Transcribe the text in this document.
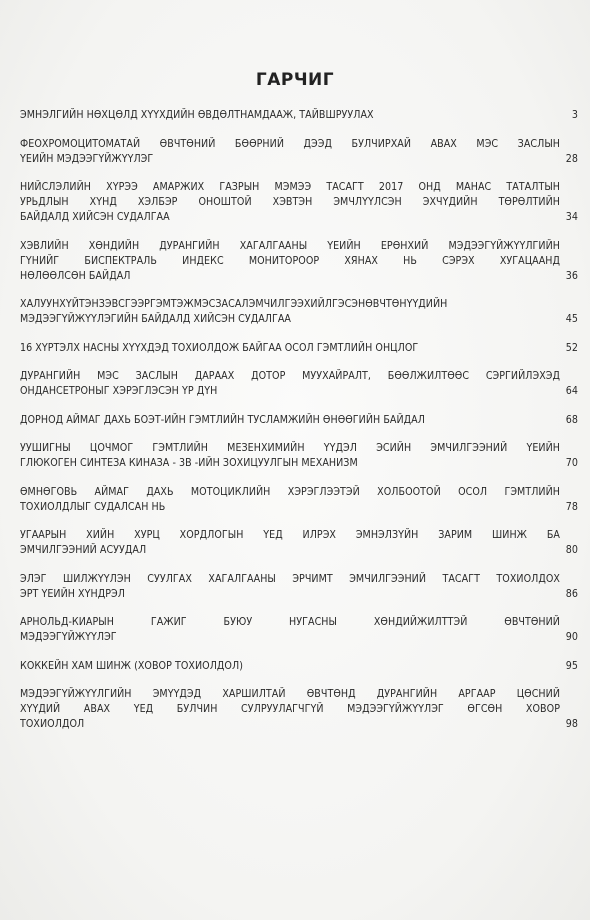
ГАРЧИГ
ЭМНЭЛГИЙН НӨХЦӨЛД ХҮҮХДИЙН ӨВДӨЛТНАМДААЖ, ТАЙВШРУУЛАХ	3
ФЕОХРОМОЦИТОМАТАЙ ӨВЧТӨНИЙ БӨӨРНИЙ ДЭЭД БУЛЧИРХАЙ АВАХ МЭС ЗАСЛЫН
ҮЕИЙН МЭДЭЭГҮЙЖҮҮЛЭГ	28
НИЙСЛЭЛИЙН ХҮРЭЭ АМАРЖИХ ГАЗРЫН МЭМЭЭ ТАСАГТ 2017 ОНД МАНАС ТАТАЛТЫН
УРЬДЛЫН ХҮНД ХЭЛБЭР ОНОШТОЙ ХЭВТЭН ЭМЧЛҮҮЛСЭН ЭХЧҮДИЙН ТӨРӨЛТИЙН
БАЙДАЛД ХИЙСЭН СУДАЛГАА	34
ХЭВЛИЙН ХӨНДИЙН ДУРАНГИЙН ХАГАЛГААНЫ ҮЕИЙН ЕРӨНХИЙ МЭДЭЭГҮЙЖҮҮЛГИЙН
ГҮНИЙГ БИСПЕКТРАЛЬ ИНДЕКС МОНИТОРООР ХЯНАХ НЬ СЭРЭХ ХУГАЦААНД
НӨЛӨӨЛСӨН БАЙДАЛ	36
ХАЛУУНХҮЙТЭНЗЭВСГЭЭРГЭМТЭЖМЭСЗАСАЛЭМЧИЛГЭЭХИЙЛГЭСЭНӨВЧТӨНҮҮДИЙН
МЭДЭЭГҮЙЖҮҮЛЭГИЙН БАЙДАЛД ХИЙСЭН СУДАЛГАА	45
16 ХҮРТЭЛХ НАСНЫ ХҮҮХДЭД ТОХИОЛДОЖ БАЙГАА ОСОЛ ГЭМТЛИЙН ОНЦЛОГ	52
ДУРАНГИЙН МЭС ЗАСЛЫН ДАРААХ ДОТОР МУУХАЙРАЛТ, БӨӨЛЖИЛТӨӨС СЭРГИЙЛЭХЭД
ОНДАНСЕТРОНЫГ ХЭРЭГЛЭСЭН ҮР ДҮН	64
ДОРНОД АЙМАГ ДАХЬ БОЭТ-ИЙН ГЭМТЛИЙН ТУСЛАМЖИЙН ӨНӨӨГИЙН БАЙДАЛ	68
УУШИГНЫ ЦОЧМОГ ГЭМТЛИЙН МЕЗЕНХИМИЙН ҮҮДЭЛ ЭСИЙН ЭМЧИЛГЭЭНИЙ ҮЕИЙН
ГЛЮКОГЕН СИНТЕЗА КИНАЗА - 3В -ИЙН ЗОХИЦУУЛГЫН МЕХАНИЗМ	70
ӨМНӨГОВЬ АЙМАГ ДАХЬ МОТОЦИКЛИЙН ХЭРЭГЛЭЭТЭЙ ХОЛБООТОЙ ОСОЛ ГЭМТЛИЙН
ТОХИОЛДЛЫГ СУДАЛСАН НЬ	78
УГААРЫН ХИЙН ХУРЦ ХОРДЛОГЫН ҮЕД ИЛРЭХ ЭМНЭЛЗҮЙН ЗАРИМ ШИНЖ БА
ЭМЧИЛГЭЭНИЙ АСУУДАЛ	80
ЭЛЭГ ШИЛЖҮҮЛЭН СУУЛГАХ ХАГАЛГААНЫ ЭРЧИМТ ЭМЧИЛГЭЭНИЙ ТАСАГТ ТОХИОЛДОХ
ЭРТ ҮЕИЙН ХҮНДРЭЛ	86
АРНОЛЬД-КИАРЫН ГАЖИГ БУЮУ НУГАСНЫ ХӨНДИЙЖИЛТТЭЙ ӨВЧТӨНИЙ
МЭДЭЭГҮЙЖҮҮЛЭГ	90
КОККЕЙН ХАМ ШИНЖ (ХОВОР ТОХИОЛДОЛ)	95
МЭДЭЭГҮЙЖҮҮЛГИЙН ЭМҮҮДЭД ХАРШИЛТАЙ ӨВЧТӨНД ДУРАНГИЙН АРГААР ЦӨСНИЙ
ХҮҮДИЙ АВАХ ҮЕД БУЛЧИН СУЛРУУЛАГЧГҮЙ МЭДЭЭГҮЙЖҮҮЛЭГ ӨГСӨН ХОВОР
ТОХИОЛДОЛ	98
